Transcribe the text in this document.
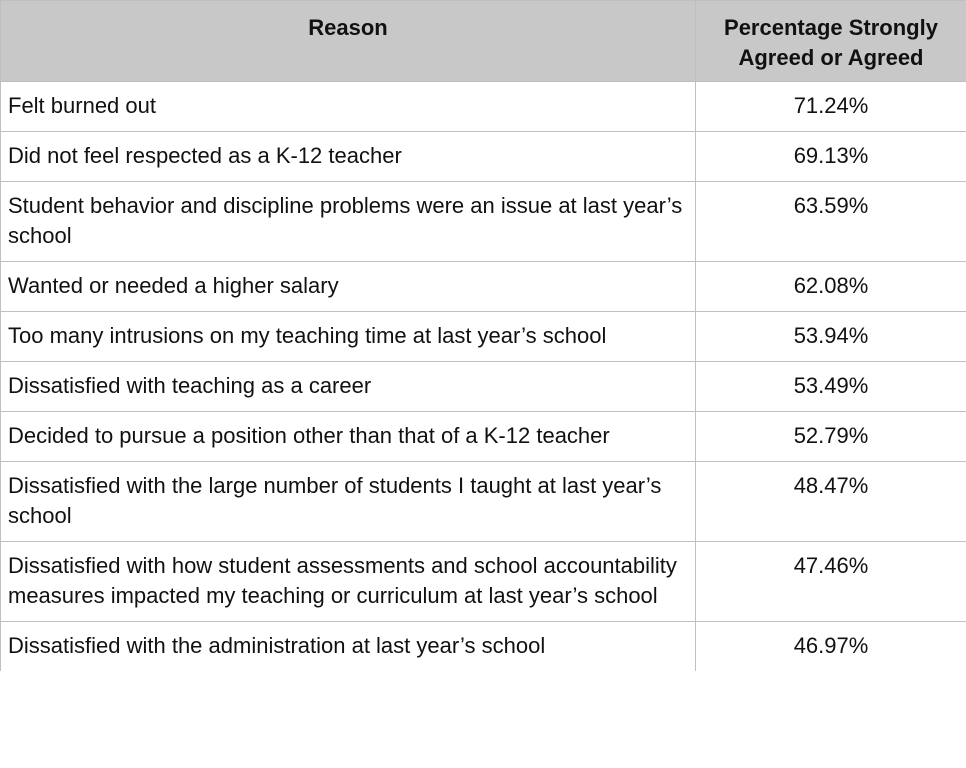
Reason	Percentage Strongly Agreed or Agreed
Felt burned out	71.24%
Did not feel respected as a K-12 teacher	69.13%
Student behavior and discipline problems were an issue at last year’s school	63.59%
Wanted or needed a higher salary	62.08%
Too many intrusions on my teaching time at last year’s school	53.94%
Dissatisfied with teaching as a career	53.49%
Decided to pursue a position other than that of a K-12 teacher	52.79%
Dissatisfied with the large number of students I taught at last year’s school	48.47%
Dissatisfied with how student assessments and school accountability measures impacted my teaching or curriculum at last year’s school	47.46%
Dissatisfied with the administration at last year’s school	46.97%
